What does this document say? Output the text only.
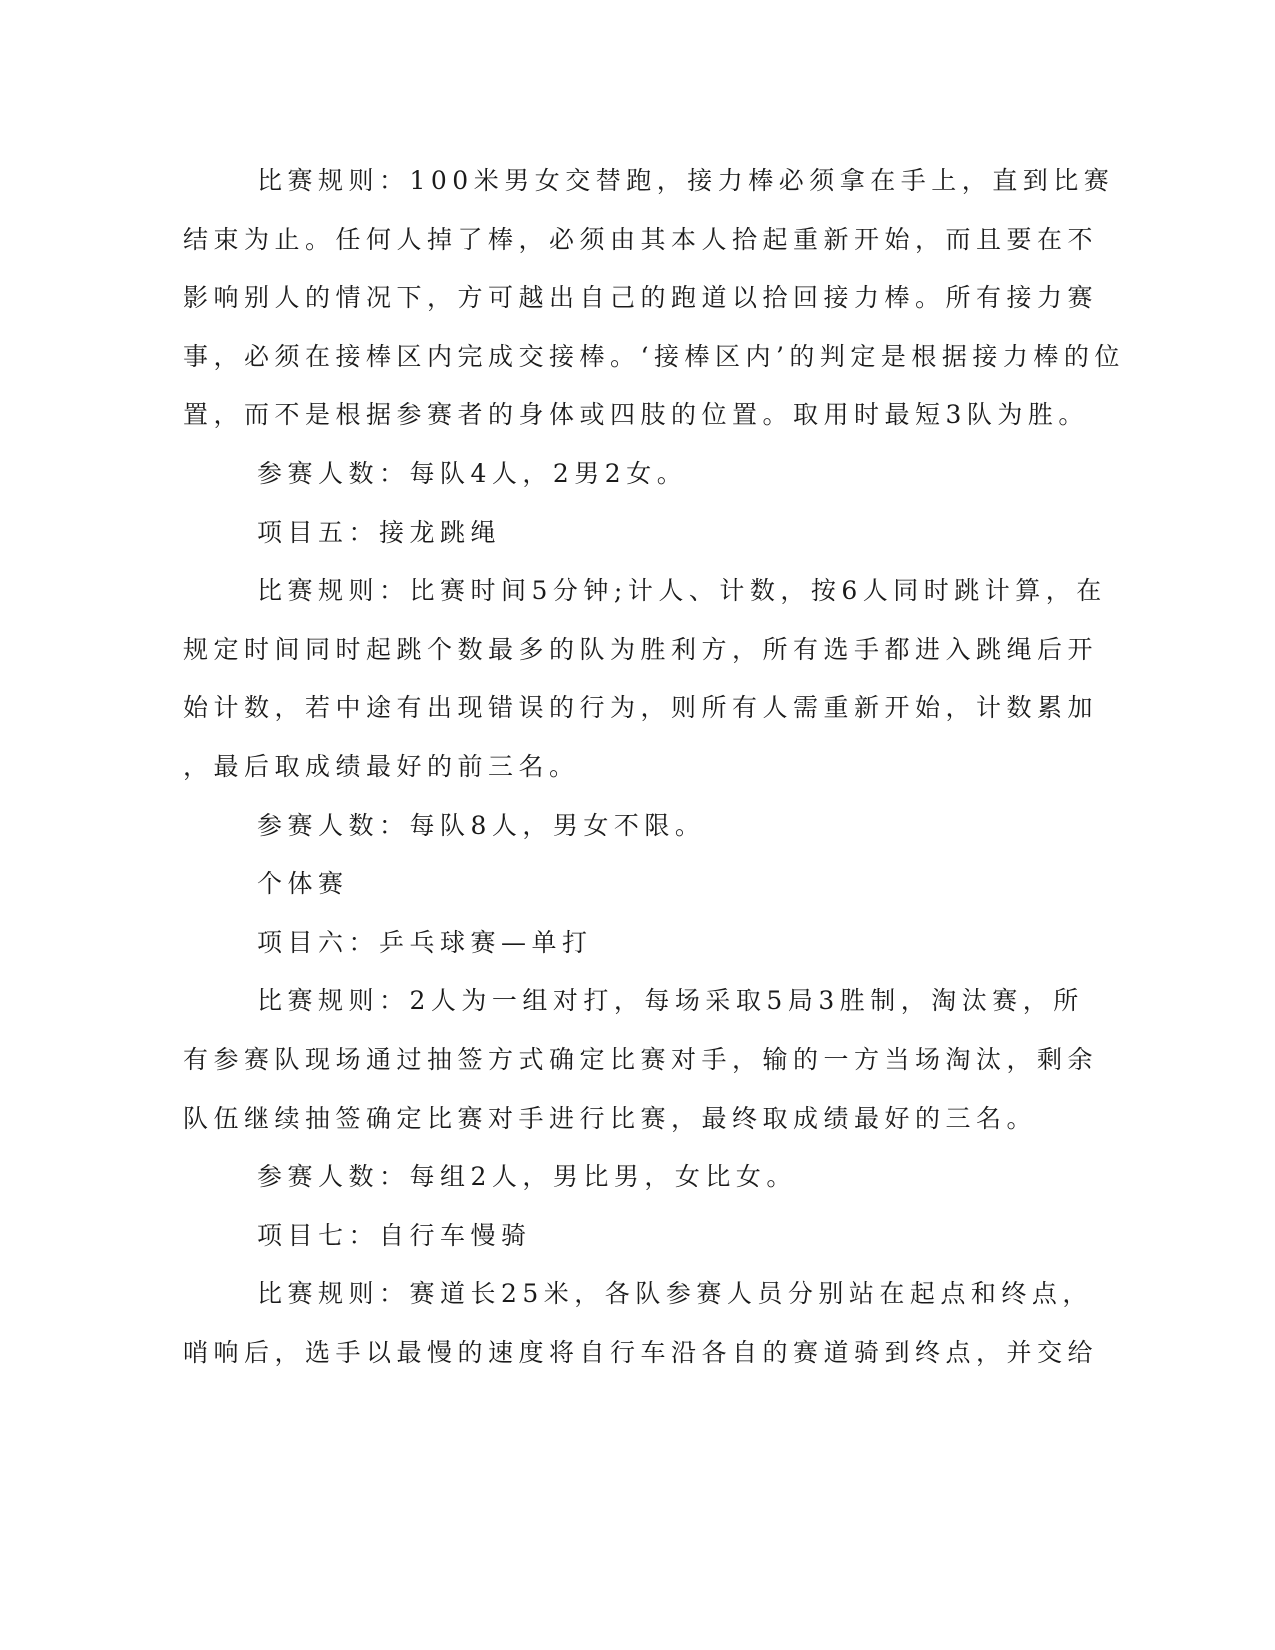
比赛规则：100米男女交替跑，接力棒必须拿在手上，直到比赛
结束为止。任何人掉了棒，必须由其本人拾起重新开始，而且要在不
影响别人的情况下，方可越出自己的跑道以拾回接力棒。所有接力赛
事，必须在接棒区内完成交接棒。‘接棒区内’的判定是根据接力棒的位
置，而不是根据参赛者的身体或四肢的位置。取用时最短3队为胜。
参赛人数：每队4人，2男2女。
项目五：接龙跳绳
比赛规则：比赛时间5分钟;计人、计数，按6人同时跳计算，在
规定时间同时起跳个数最多的队为胜利方，所有选手都进入跳绳后开
始计数，若中途有出现错误的行为，则所有人需重新开始，计数累加
，最后取成绩最好的前三名。
参赛人数：每队8人，男女不限。
个体赛
项目六：乒乓球赛—单打
比赛规则：2人为一组对打，每场采取5局3胜制，淘汰赛，所
有参赛队现场通过抽签方式确定比赛对手，输的一方当场淘汰，剩余
队伍继续抽签确定比赛对手进行比赛，最终取成绩最好的三名。
参赛人数：每组2人，男比男，女比女。
项目七：自行车慢骑
比赛规则：赛道长25米，各队参赛人员分别站在起点和终点，
哨响后，选手以最慢的速度将自行车沿各自的赛道骑到终点，并交给
